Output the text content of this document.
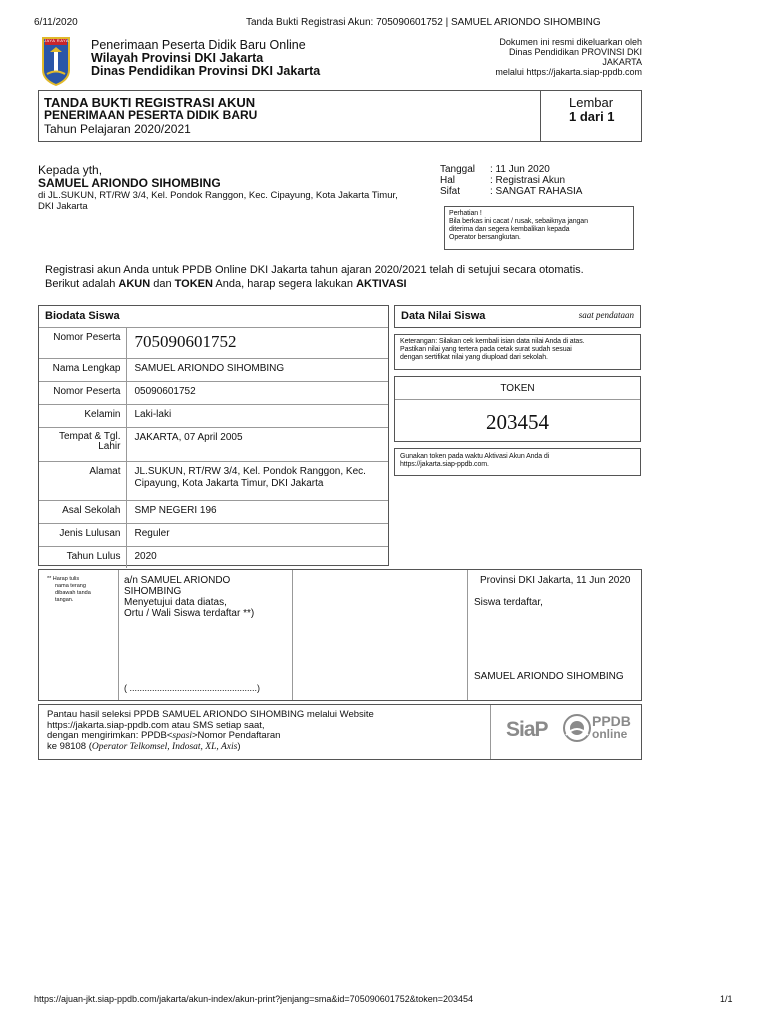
6/11/2020	Tanda Bukti Registrasi Akun: 705090601752 | SAMUEL ARIONDO SIHOMBING
JAYA RAYA Penerimaan Peserta Didik Baru Online
Wilayah Provinsi DKI Jakarta
Dinas Pendidikan Provinsi DKI Jakarta
Dokumen ini resmi dikeluarkan oleh
Dinas Pendidikan PROVINSI DKI
JAKARTA
melalui https://jakarta.siap-ppdb.com
TANDA BUKTI REGISTRASI AKUN
PENERIMAAN PESERTA DIDIK BARU
Tahun Pelajaran 2020/2021
Lembar
1 dari 1
Kepada yth,
SAMUEL ARIONDO SIHOMBING
di JL.SUKUN, RT/RW 3/4, Kel. Pondok Ranggon, Kec. Cipayung, Kota Jakarta Timur,
DKI Jakarta
Tanggal	: 11 Jun 2020
Hal	: Registrasi Akun
Sifat	: SANGAT RAHASIA
Perhatian !
Bila berkas ini cacat / rusak, sebaiknya jangan
diterima dan segera kembalikan kepada
Operator bersangkutan.
Registrasi akun Anda untuk PPDB Online DKI Jakarta tahun ajaran 2020/2021 telah di setujui secara otomatis.
Berikut adalah AKUN dan TOKEN Anda, harap segera lakukan AKTIVASI
Biodata Siswa
Nomor Peserta	705090601752
Nama Lengkap	SAMUEL ARIONDO SIHOMBING
Nomor Peserta	05090601752
Kelamin	Laki-laki
Tempat & Tgl. Lahir	JAKARTA, 07 April 2005
Alamat	JL.SUKUN, RT/RW 3/4, Kel. Pondok Ranggon, Kec. Cipayung, Kota Jakarta Timur, DKI Jakarta
Asal Sekolah	SMP NEGERI 196
Jenis Lulusan	Reguler
Tahun Lulus	2020
Data Nilai Siswa	saat pendataan
Keterangan: Silakan cek kembali isian data nilai Anda di atas.
Pastikan nilai yang tertera pada cetak surat sudah sesuai
dengan sertifikat nilai yang diupload dari sekolah.
TOKEN
203454
Gunakan token pada waktu Aktivasi Akun Anda di
https://jakarta.siap-ppdb.com.
** Harap tulis
nama terang
dibawah tanda
tangan.
a/n SAMUEL ARIONDO
SIHOMBING
Menyetujui data diatas,
Ortu / Wali Siswa terdaftar **)
( ...................................................)
Provinsi DKI Jakarta, 11 Jun 2020
Siswa terdaftar,
SAMUEL ARIONDO SIHOMBING
Pantau hasil seleksi PPDB SAMUEL ARIONDO SIHOMBING melalui Website
https://jakarta.siap-ppdb.com atau SMS setiap saat,
dengan mengirimkan: PPDB<spasi>Nomor Pendaftaran
ke 98108 (Operator Telkomsel, Indosat, XL, Axis)
SiaP	PPDB
online
https://ajuan-jkt.siap-ppdb.com/jakarta/akun-index/akun-print?jenjang=sma&id=705090601752&token=203454	1/1
